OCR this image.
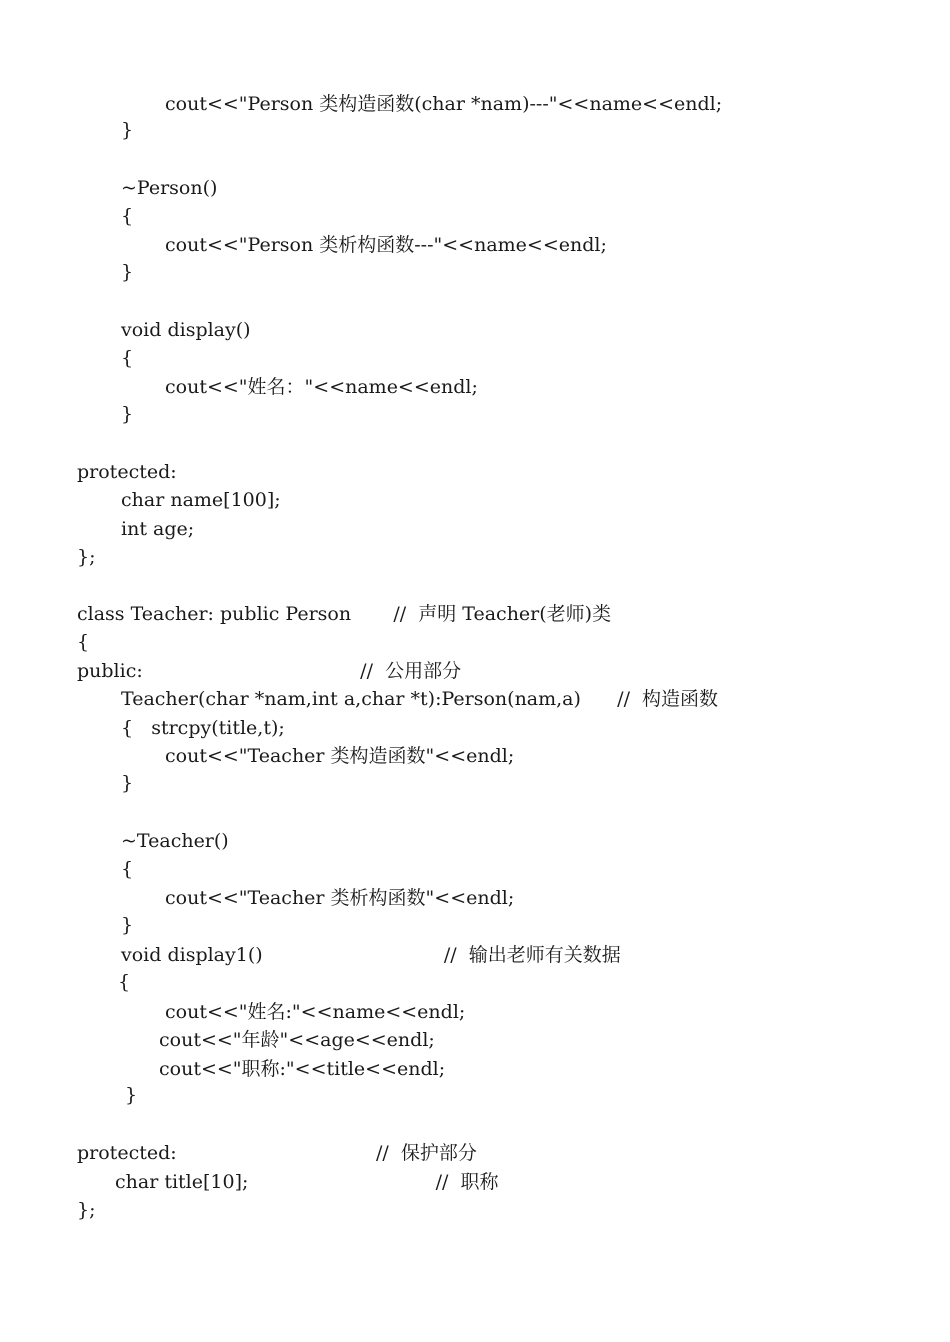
cout<<"Person 类构造函数(char *nam)---"<<name<<endl;
}
~Person()
{
cout<<"Person 类析构函数---"<<name<<endl;
}
void display()
{
cout<<"姓名："<<name<<endl;
}
protected:
char name[100];
int age;
};
class Teacher: public Person       //  声明 Teacher(老师)类
{
public:                                    //  公用部分
Teacher(char *nam,int a,char *t):Person(nam,a)      //  构造函数
{   strcpy(title,t);
cout<<"Teacher 类构造函数"<<endl;
}
~Teacher()
{
cout<<"Teacher 类析构函数"<<endl;
}
void display1()                              //  输出老师有关数据
{
cout<<"姓名:"<<name<<endl;
cout<<"年龄"<<age<<endl;
cout<<"职称:"<<title<<endl;
}
protected:                                 //  保护部分
char title[10];                               //  职称
};
